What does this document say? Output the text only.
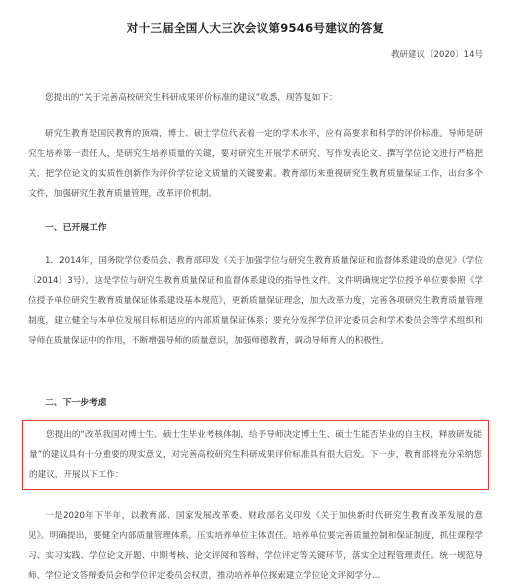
对十三届全国人大三次会议第9546号建议的答复
教研建议〔2020〕14号

您提出的“关于完善高校研究生科研成果评价标准的建议”收悉，现答复如下：

研究生教育是国民教育的顶端，博士、硕士学位代表着一定的学术水平，应有高要求和科学的评价标准。导师是研究生培养第一责任人，是研究生培养质量的关键，要对研究生开展学术研究、写作发表论文、撰写学位论文进行严格把关，把学位论文的实质性创新作为评价学位论文质量的关键要素。教育部历来重视研究生教育质量保证工作，出台多个文件，加强研究生教育质量管理，改革评价机制。

一、已开展工作

1．2014年，国务院学位委员会、教育部印发《关于加强学位与研究生教育质量保证和监督体系建设的意见》（学位〔2014〕3号），这是学位与研究生教育质量保证和监督体系建设的指导性文件。文件明确规定学位授予单位要参照《学位授予单位研究生教育质量保证体系建设基本规范》，更新质量保证理念，加大改革力度，完善各项研究生教育质量管理制度，建立健全与本单位发展目标相适应的内部质量保证体系；要充分发挥学位评定委员会和学术委员会等学术组织和导师在质量保证中的作用，不断增强导师的质量意识，加强师德教育，调动导师育人的积极性。

二、下一步考虑

您提出的“改革我国对博士生、硕士生毕业考核体制，给予导师决定博士生、硕士生能否毕业的自主权，释放研发能量”的建议具有十分重要的现实意义，对完善高校研究生科研成果评价标准具有很大启发。下一步，教育部将充分采纳您的建议，开展以下工作：

一是2020年下半年，以教育部、国家发展改革委、财政部名义印发《关于加快新时代研究生教育改革发展的意见》。明确提出，要健全内部质量管理体系，压实培养单位主体责任。培养单位要完善质量控制和保证制度，抓住课程学习、实习实践、学位论文开题、中期考核、论文评阅和答辩、学位评定等关键环节，落实全过程管理责任。统一规范导师、学位论文答辩委员会和学位评定委员会权责，推动培养单位探索建立学位论文评阅学分…
